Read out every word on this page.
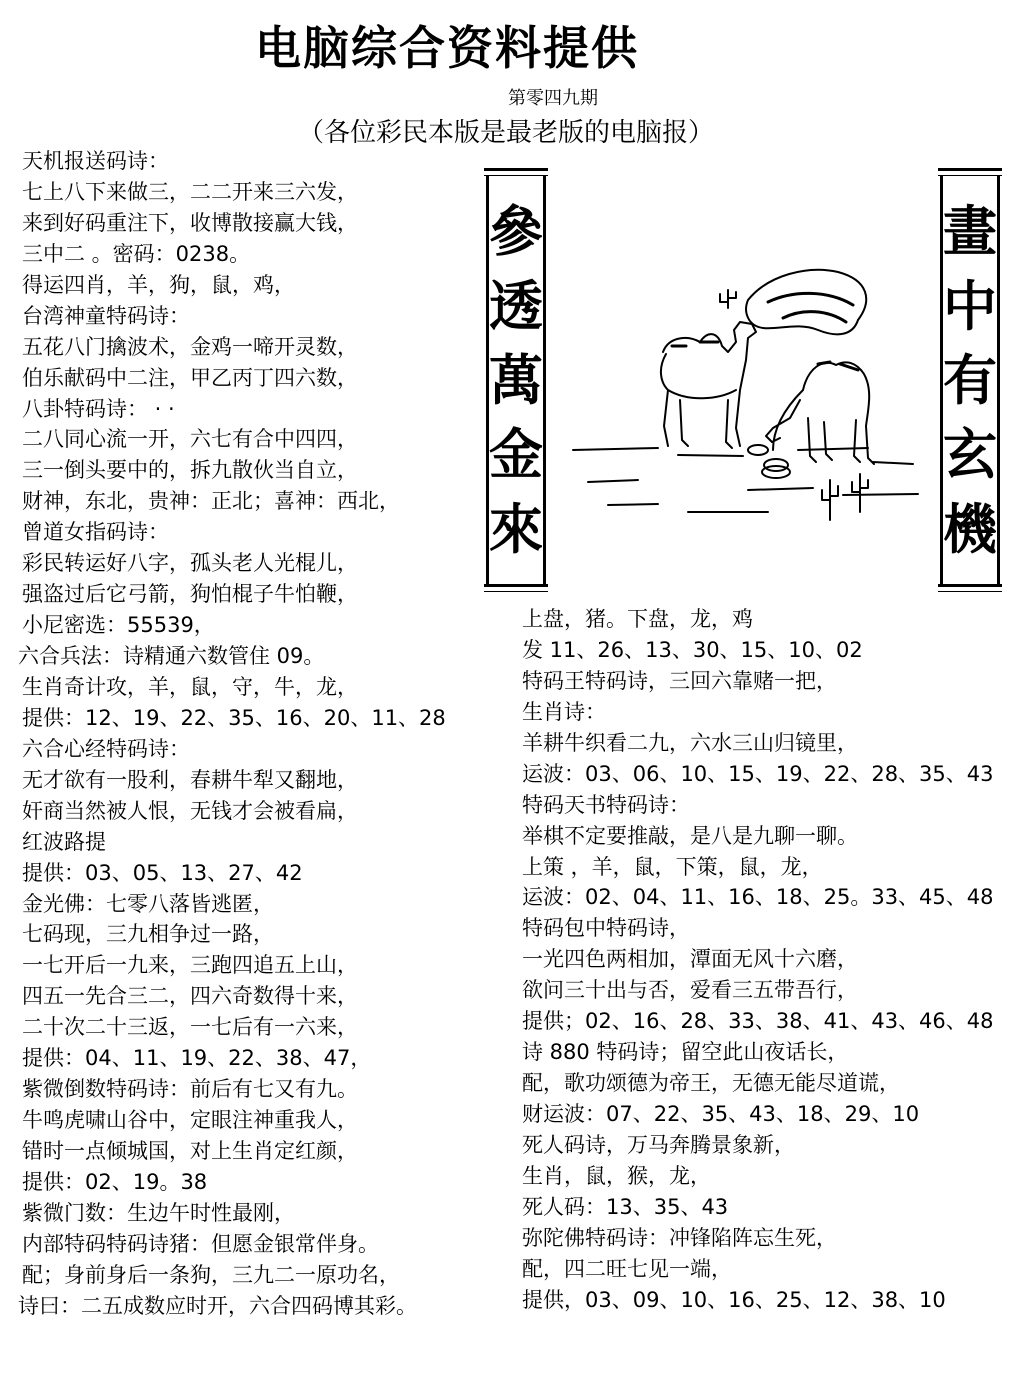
电脑综合资料提供
第零四九期
（各位彩民本版是最老版的电脑报）
天机报送码诗：
七上八下来做三，二二开来三六发，
来到好码重注下，收博散接赢大钱，
三中二 。密码：0238。
得运四肖，羊，狗，鼠，鸡，
台湾神童特码诗：
五花八门擒波术，金鸡一啼开灵数，
伯乐献码中二注，甲乙丙丁四六数，
八卦特码诗： · ·
二八同心流一开，六七有合中四四，
三一倒头要中的，拆九散伙当自立，
财神，东北，贵神：正北；喜神：西北，
曾道女指码诗：
彩民转运好八字，孤头老人光棍儿，
强盗过后它弓箭，狗怕棍子牛怕鞭，
小尼密选：55539，
六合兵法：诗精通六数管住 09。
生肖奇计攻，羊，鼠，守，牛，龙，
提供：12、19、22、35、16、20、11、28
六合心经特码诗：
无才欲有一股利，春耕牛犁又翻地，
奸商当然被人恨，无钱才会被看扁，
红波路提
提供：03、05、13、27、42
金光佛：七零八落皆逃匿，
七码现，三九相争过一路，
一七开后一九来，三跑四追五上山，
四五一先合三二，四六奇数得十来，
二十次二十三返，一七后有一六来，
提供：04、11、19、22、38、47，
紫微倒数特码诗：前后有七又有九。
牛鸣虎啸山谷中，定眼注神重我人，
错时一点倾城国，对上生肖定红颜，
提供：02、19。38
紫微门数：生边午时性最刚，
内部特码特码诗猪：但愿金银常伴身。
配；身前身后一条狗，三九二一原功名，
诗曰：二五成数应时开，六合四码博其彩。
上盘，猪。下盘，龙，鸡
发 11、26、13、30、15、10、02
特码王特码诗，三回六靠赌一把，
生肖诗：
羊耕牛织看二九，六水三山归镜里，
运波：03、06、10、15、19、22、28、35、43
特码天书特码诗：
举棋不定要推敲，是八是九聊一聊。
上策 ，羊，鼠，下策，鼠，龙，
运波：02、04、11、16、18、25。33、45、48
特码包中特码诗，
一光四色两相加，潭面无风十六磨，
欲问三十出与否，爱看三五带吾行，
提供；02、16、28、33、38、41、43、46、48
诗 880 特码诗；留空此山夜话长，
配，歌功颂德为帝王，无德无能尽道谎，
财运波：07、22、35、43、18、29、10
死人码诗，万马奔腾景象新，
生肖，鼠，猴，龙，
死人码：13、35、43
弥陀佛特码诗：冲锋陷阵忘生死，
配，四二旺七见一端，
提供，03、09、10、16、25、12、38、10
參
透
萬
金
來
畫
中
有
玄
機
